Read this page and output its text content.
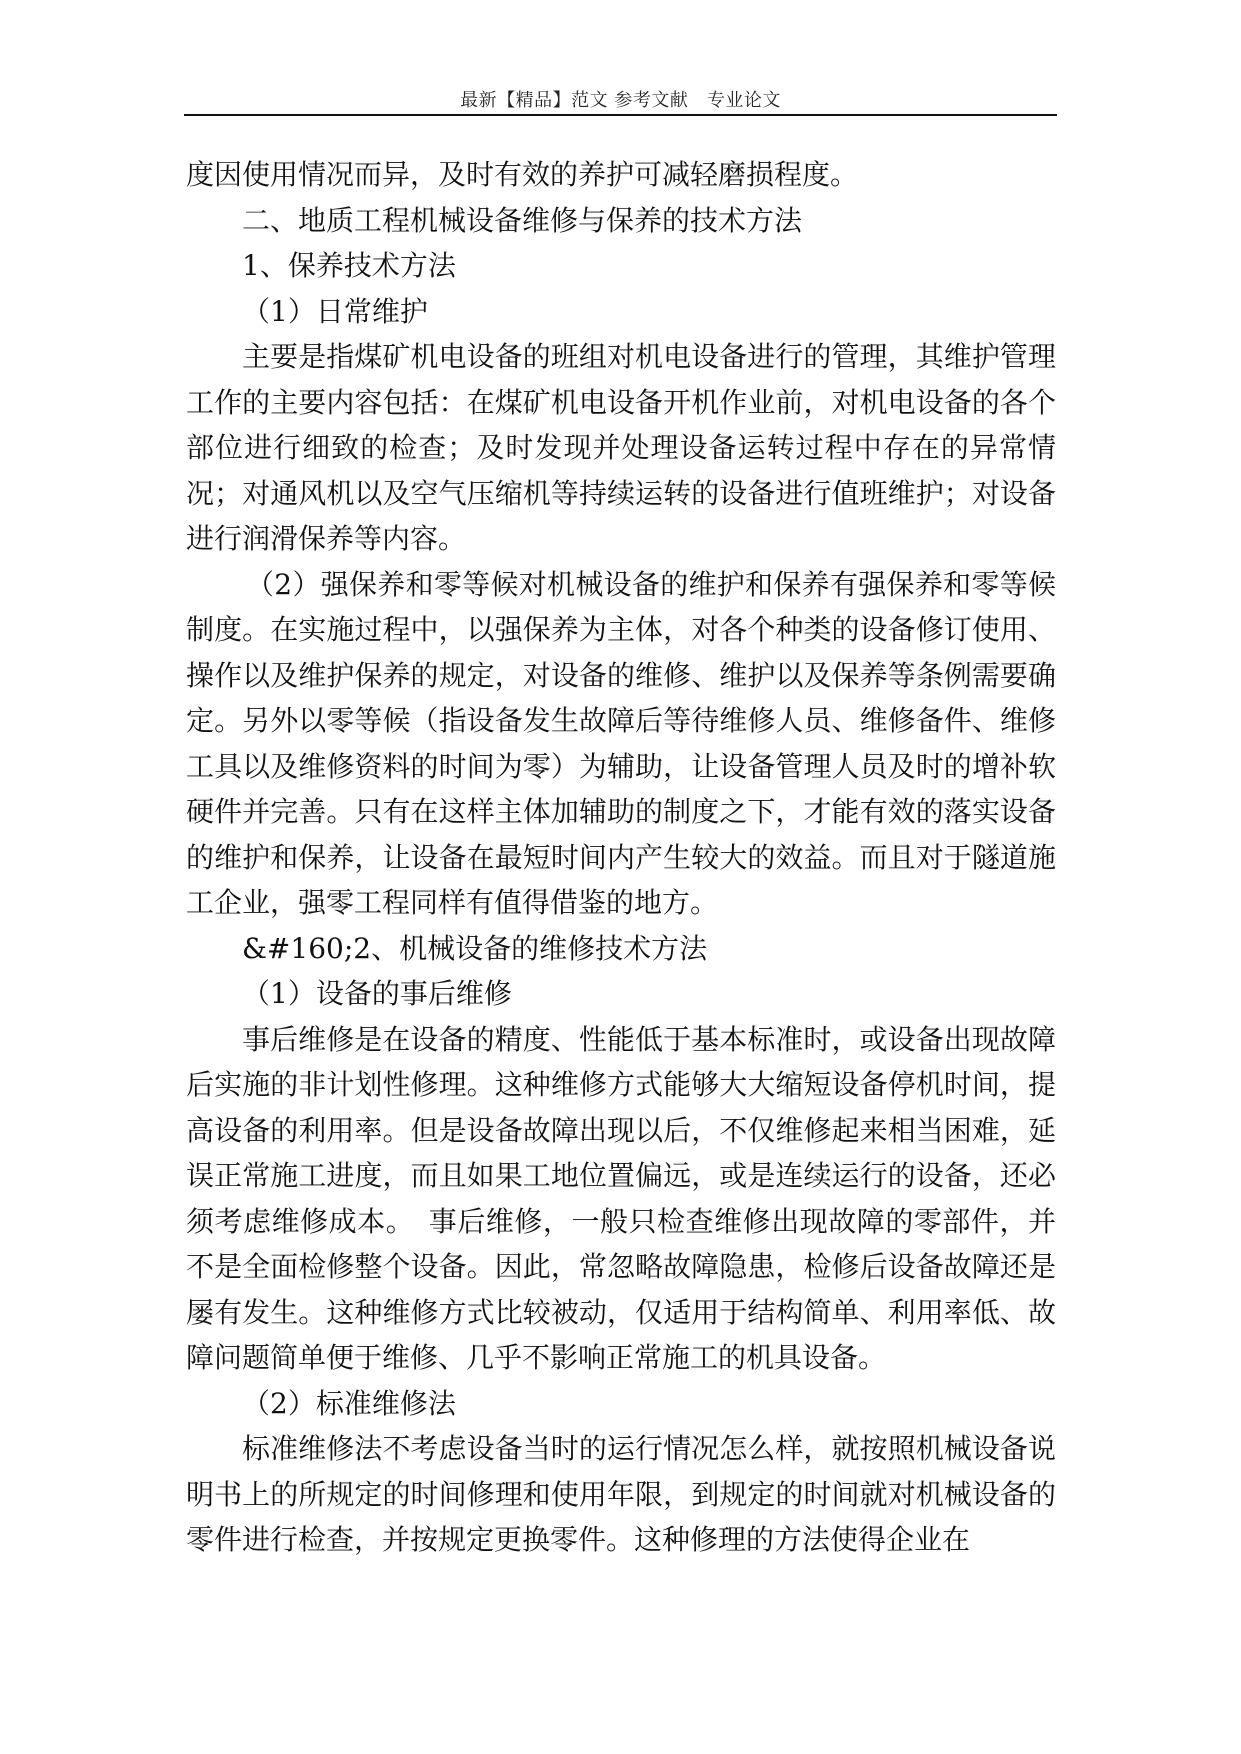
最新【精品】范文 参考文献　专业论文

度因使用情况而异，及时有效的养护可减轻磨损程度。

二、地质工程机械设备维修与保养的技术方法

1、保养技术方法

（1）日常维护

主要是指煤矿机电设备的班组对机电设备进行的管理，其维护管理工作的主要内容包括：在煤矿机电设备开机作业前，对机电设备的各个部位进行细致的检查；及时发现并处理设备运转过程中存在的异常情况；对通风机以及空气压缩机等持续运转的设备进行值班维护；对设备进行润滑保养等内容。

（2）强保养和零等候对机械设备的维护和保养有强保养和零等候制度。在实施过程中，以强保养为主体，对各个种类的设备修订使用、操作以及维护保养的规定，对设备的维修、维护以及保养等条例需要确定。另外以零等候（指设备发生故障后等待维修人员、维修备件、维修工具以及维修资料的时间为零）为辅助，让设备管理人员及时的增补软硬件并完善。只有在这样主体加辅助的制度之下，才能有效的落实设备的维护和保养，让设备在最短时间内产生较大的效益。而且对于隧道施工企业，强零工程同样有值得借鉴的地方。

&#160;2、机械设备的维修技术方法

（1）设备的事后维修

事后维修是在设备的精度、性能低于基本标准时，或设备出现故障后实施的非计划性修理。这种维修方式能够大大缩短设备停机时间，提高设备的利用率。但是设备故障出现以后，不仅维修起来相当困难，延误正常施工进度，而且如果工地位置偏远，或是连续运行的设备，还必须考虑维修成本。　事后维修，一般只检查维修出现故障的零部件，并不是全面检修整个设备。因此，常忽略故障隐患，检修后设备故障还是屡有发生。这种维修方式比较被动，仅适用于结构简单、利用率低、故障问题简单便于维修、几乎不影响正常施工的机具设备。

（2）标准维修法

标准维修法不考虑设备当时的运行情况怎么样，就按照机械设备说明书上的所规定的时间修理和使用年限，到规定的时间就对机械设备的零件进行检查，并按规定更换零件。这种修理的方法使得企业在
